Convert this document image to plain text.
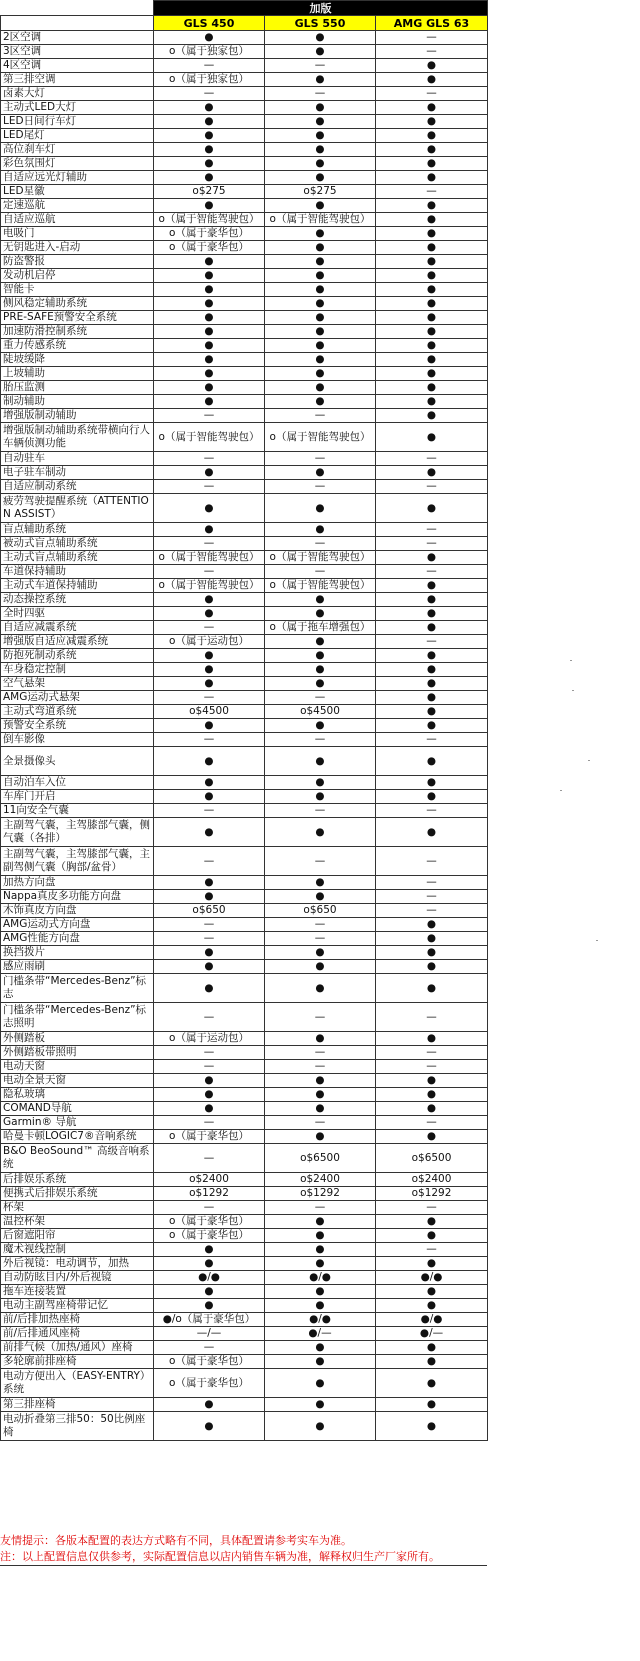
	加版		
	GLS 450	GLS 550	AMG GLS 63
2区空调	●	●	—
3区空调	o（属于独家包）	●	—
4区空调	—	—	●
第三排空调	o（属于独家包）	●	●
卤素大灯	—	—	—
主动式LED大灯	●	●	●
LED日间行车灯	●	●	●
LED尾灯	●	●	●
高位刹车灯	●	●	●
彩色氛围灯	●	●	●
自适应远光灯辅助	●	●	●
LED星徽	o$275	o$275	—
定速巡航	●	●	●
自适应巡航	o（属于智能驾驶包）	o（属于智能驾驶包）	●
电吸门	o（属于豪华包）	●	●
无钥匙进入-启动	o（属于豪华包）	●	●
防盗警报	●	●	●
发动机启停	●	●	●
智能卡	●	●	●
侧风稳定辅助系统	●	●	●
PRE-SAFE预警安全系统	●	●	●
加速防滑控制系统	●	●	●
重力传感系统	●	●	●
陡坡缓降	●	●	●
上坡辅助	●	●	●
胎压监测	●	●	●
制动辅助	●	●	●
增强版制动辅助	—	—	●
增强版制动辅助系统带横向行人车辆侦测功能	o（属于智能驾驶包）	o（属于智能驾驶包）	●
自动驻车	—	—	—
电子驻车制动	●	●	●
自适应制动系统	—	—	—
疲劳驾驶提醒系统（ATTENTION ASSIST）	●	●	●
盲点辅助系统	●	●	—
被动式盲点辅助系统	—	—	—
主动式盲点辅助系统	o（属于智能驾驶包）	o（属于智能驾驶包）	●
车道保持辅助	—	—	—
主动式车道保持辅助	o（属于智能驾驶包）	o（属于智能驾驶包）	●
动态操控系统	●	●	●
全时四驱	●	●	●
自适应减震系统	—	o（属于拖车增强包）	●
增强版自适应减震系统	o（属于运动包）	●	—
防抱死制动系统	●	●	●
车身稳定控制	●	●	●
空气悬架	●	●	●
AMG运动式悬架	—	—	●
主动式弯道系统	o$4500	o$4500	●
预警安全系统	●	●	●
倒车影像	—	—	—
全景摄像头	●	●	●
自动泊车入位	●	●	●
车库门开启	●	●	●
11向安全气囊	—	—	—
主副驾气囊，主驾膝部气囊，侧气囊（各排）	●	●	●
主副驾气囊，主驾膝部气囊，主副驾侧气囊（胸部/盆骨）	—	—	—
加热方向盘	●	●	—
Nappa真皮多功能方向盘	●	●	—
木饰真皮方向盘	o$650	o$650	—
AMG运动式方向盘	—	—	●
AMG性能方向盘	—	—	●
换挡拨片	●	●	●
感应雨刷	●	●	●
门槛条带“Mercedes-Benz”标志	●	●	●
门槛条带“Mercedes-Benz”标志照明	—	—	—
外侧踏板	o（属于运动包）	●	●
外侧踏板带照明	—	—	—
电动天窗	—	—	—
电动全景天窗	●	●	●
隐私玻璃	●	●	●
COMAND导航	●	●	●
Garmin® 导航	—	—	—
哈曼卡顿LOGIC7®音响系统	o（属于豪华包）	●	●
B&O BeoSound™ 高级音响系统	—	o$6500	o$6500
后排娱乐系统	o$2400	o$2400	o$2400
便携式后排娱乐系统	o$1292	o$1292	o$1292
杯架	—	—	—
温控杯架	o（属于豪华包）	●	●
后窗遮阳帘	o（属于豪华包）	●	●
魔术视线控制	●	●	—
外后视镜：电动调节，加热	●	●	●
自动防眩目内/外后视镜	●/●	●/●	●/●
拖车连接装置	●	●	●
电动主副驾座椅带记忆	●	●	●
前/后排加热座椅	●/o（属于豪华包）	●/●	●/●
前/后排通风座椅	—/—	●/—	●/—
前排气候（加热/通风）座椅	—	●	●
多轮廓前排座椅	o（属于豪华包）	●	●
电动方便出入（EASY-ENTRY）系统	o（属于豪华包）	●	●
第三排座椅	●	●	●
电动折叠第三排50：50比例座椅	●	●	●
友情提示：各版本配置的表达方式略有不同，具体配置请参考实车为准。
注：以上配置信息仅供参考，实际配置信息以店内销售车辆为准，解释权归生产厂家所有。
